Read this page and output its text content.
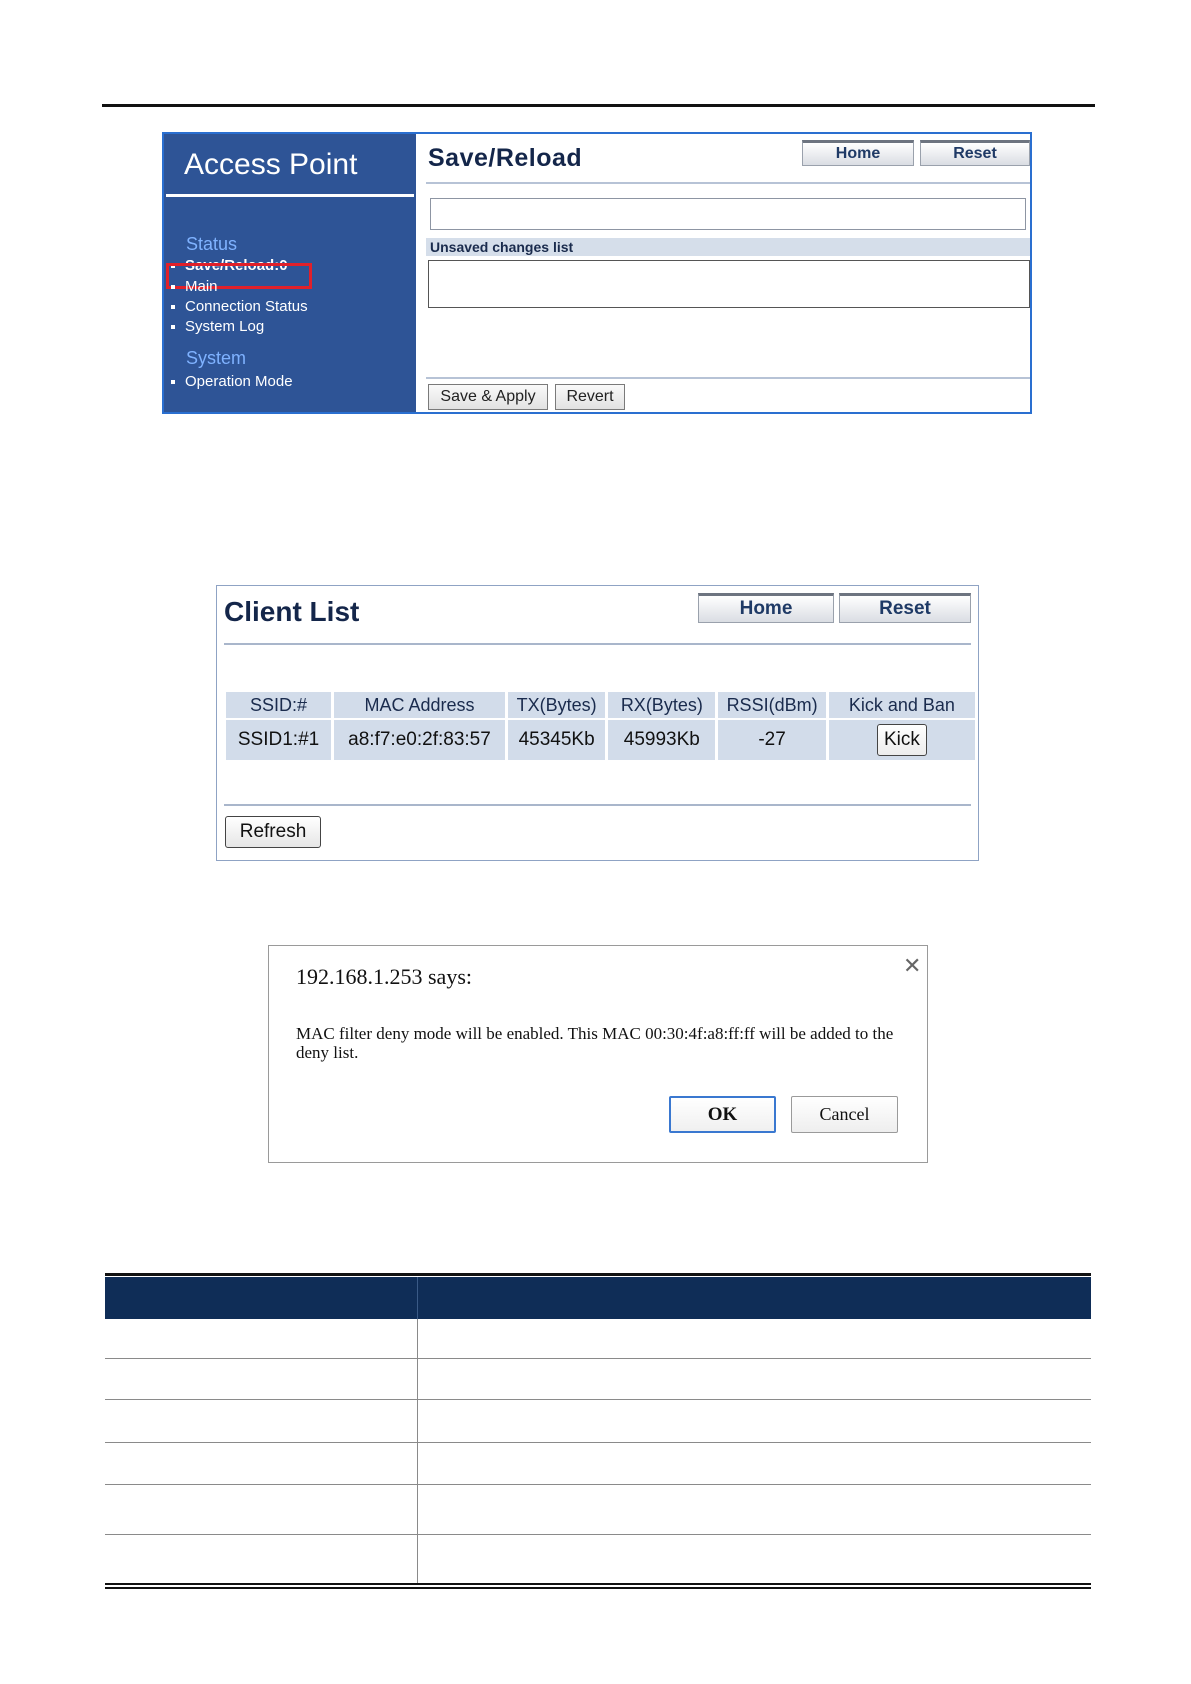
Access Point
Status
Save/Reload:0
Main
Connection Status
System Log
System
Operation Mode
Save/Reload	Home	Reset
Unsaved changes list
Save & Apply	Revert
Client List	Home	Reset
SSID:#	MAC Address	TX(Bytes)	RX(Bytes)	RSSI(dBm)	Kick and Ban
SSID1:#1	a8:f7:e0:2f:83:57	45345Kb	45993Kb	-27	Kick
Refresh
192.168.1.253 says:	✕
MAC filter deny mode will be enabled. This MAC 00:30:4f:a8:ff:ff will be added to the deny list.
OK	Cancel
